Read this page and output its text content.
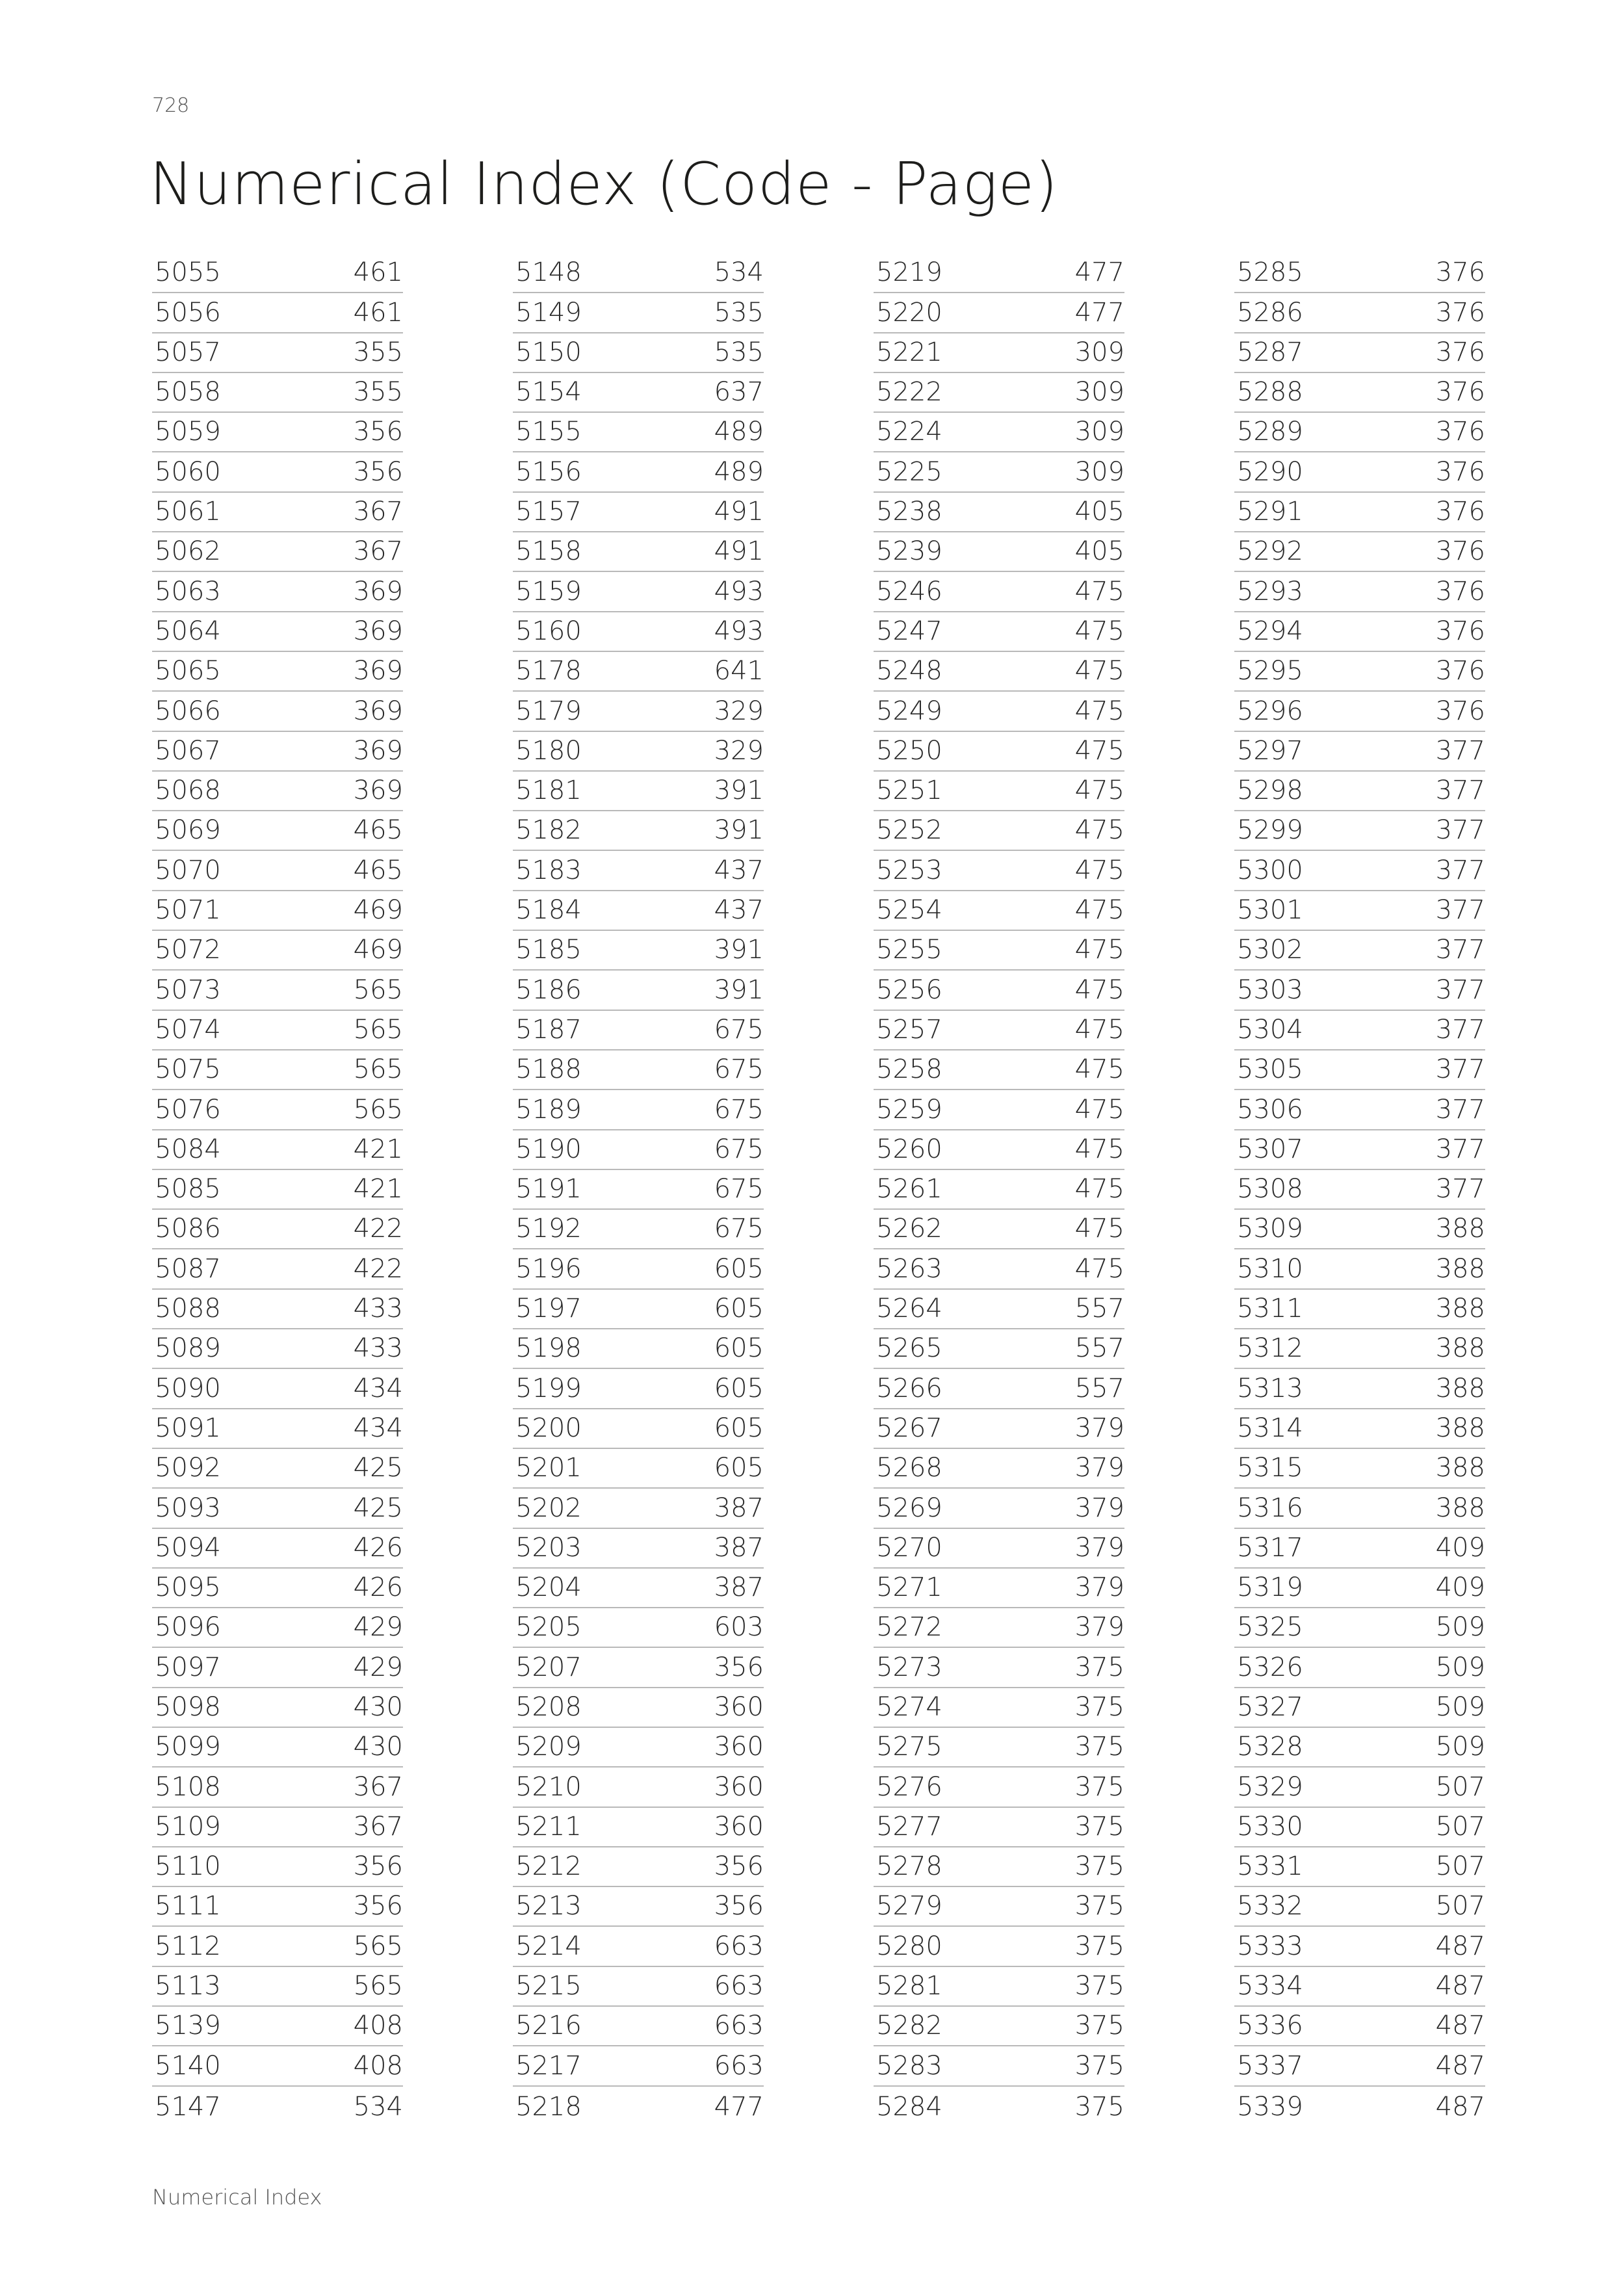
728
Numerical Index (Code - Page)
5055	461
5056	461
5057	355
5058	355
5059	356
5060	356
5061	367
5062	367
5063	369
5064	369
5065	369
5066	369
5067	369
5068	369
5069	465
5070	465
5071	469
5072	469
5073	565
5074	565
5075	565
5076	565
5084	421
5085	421
5086	422
5087	422
5088	433
5089	433
5090	434
5091	434
5092	425
5093	425
5094	426
5095	426
5096	429
5097	429
5098	430
5099	430
5108	367
5109	367
5110	356
5111	356
5112	565
5113	565
5139	408
5140	408
5147	534
5148	534
5149	535
5150	535
5154	637
5155	489
5156	489
5157	491
5158	491
5159	493
5160	493
5178	641
5179	329
5180	329
5181	391
5182	391
5183	437
5184	437
5185	391
5186	391
5187	675
5188	675
5189	675
5190	675
5191	675
5192	675
5196	605
5197	605
5198	605
5199	605
5200	605
5201	605
5202	387
5203	387
5204	387
5205	603
5207	356
5208	360
5209	360
5210	360
5211	360
5212	356
5213	356
5214	663
5215	663
5216	663
5217	663
5218	477
5219	477
5220	477
5221	309
5222	309
5224	309
5225	309
5238	405
5239	405
5246	475
5247	475
5248	475
5249	475
5250	475
5251	475
5252	475
5253	475
5254	475
5255	475
5256	475
5257	475
5258	475
5259	475
5260	475
5261	475
5262	475
5263	475
5264	557
5265	557
5266	557
5267	379
5268	379
5269	379
5270	379
5271	379
5272	379
5273	375
5274	375
5275	375
5276	375
5277	375
5278	375
5279	375
5280	375
5281	375
5282	375
5283	375
5284	375
5285	376
5286	376
5287	376
5288	376
5289	376
5290	376
5291	376
5292	376
5293	376
5294	376
5295	376
5296	376
5297	377
5298	377
5299	377
5300	377
5301	377
5302	377
5303	377
5304	377
5305	377
5306	377
5307	377
5308	377
5309	388
5310	388
5311	388
5312	388
5313	388
5314	388
5315	388
5316	388
5317	409
5319	409
5325	509
5326	509
5327	509
5328	509
5329	507
5330	507
5331	507
5332	507
5333	487
5334	487
5336	487
5337	487
5339	487
Numerical Index
